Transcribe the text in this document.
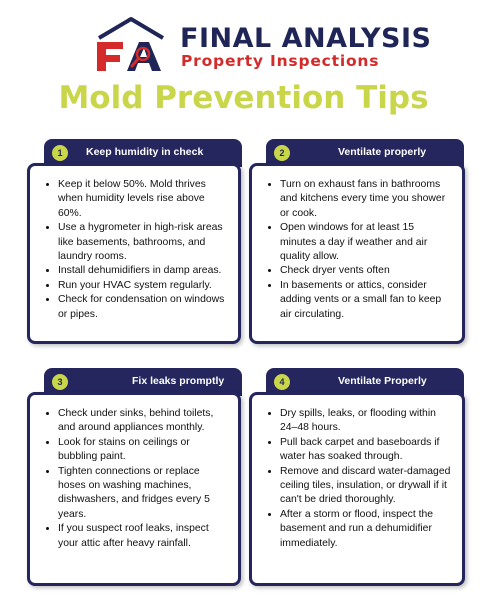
FINAL ANALYSIS
Property Inspections
Mold Prevention Tips
1	Keep humidity in check
• Keep it below 50%. Mold thrives when humidity levels rise above 60%.
• Use a hygrometer in high-risk areas like basements, bathrooms, and laundry rooms.
• Install dehumidifiers in damp areas.
• Run your HVAC system regularly.
• Check for condensation on windows or pipes.
2	Ventilate properly
• Turn on exhaust fans in bathrooms and kitchens every time you shower or cook.
• Open windows for at least 15 minutes a day if weather and air quality allow.
• Check dryer vents often
• In basements or attics, consider adding vents or a small fan to keep air circulating.
3	Fix leaks promptly
• Check under sinks, behind toilets, and around appliances monthly.
• Look for stains on ceilings or bubbling paint.
• Tighten connections or replace hoses on washing machines, dishwashers, and fridges every 5 years.
• If you suspect roof leaks, inspect your attic after heavy rainfall.
4	Ventilate Properly
• Dry spills, leaks, or flooding within 24–48 hours.
• Pull back carpet and baseboards if water has soaked through.
• Remove and discard water-damaged ceiling tiles, insulation, or drywall if it can't be dried thoroughly.
• After a storm or flood, inspect the basement and run a dehumidifier immediately.
